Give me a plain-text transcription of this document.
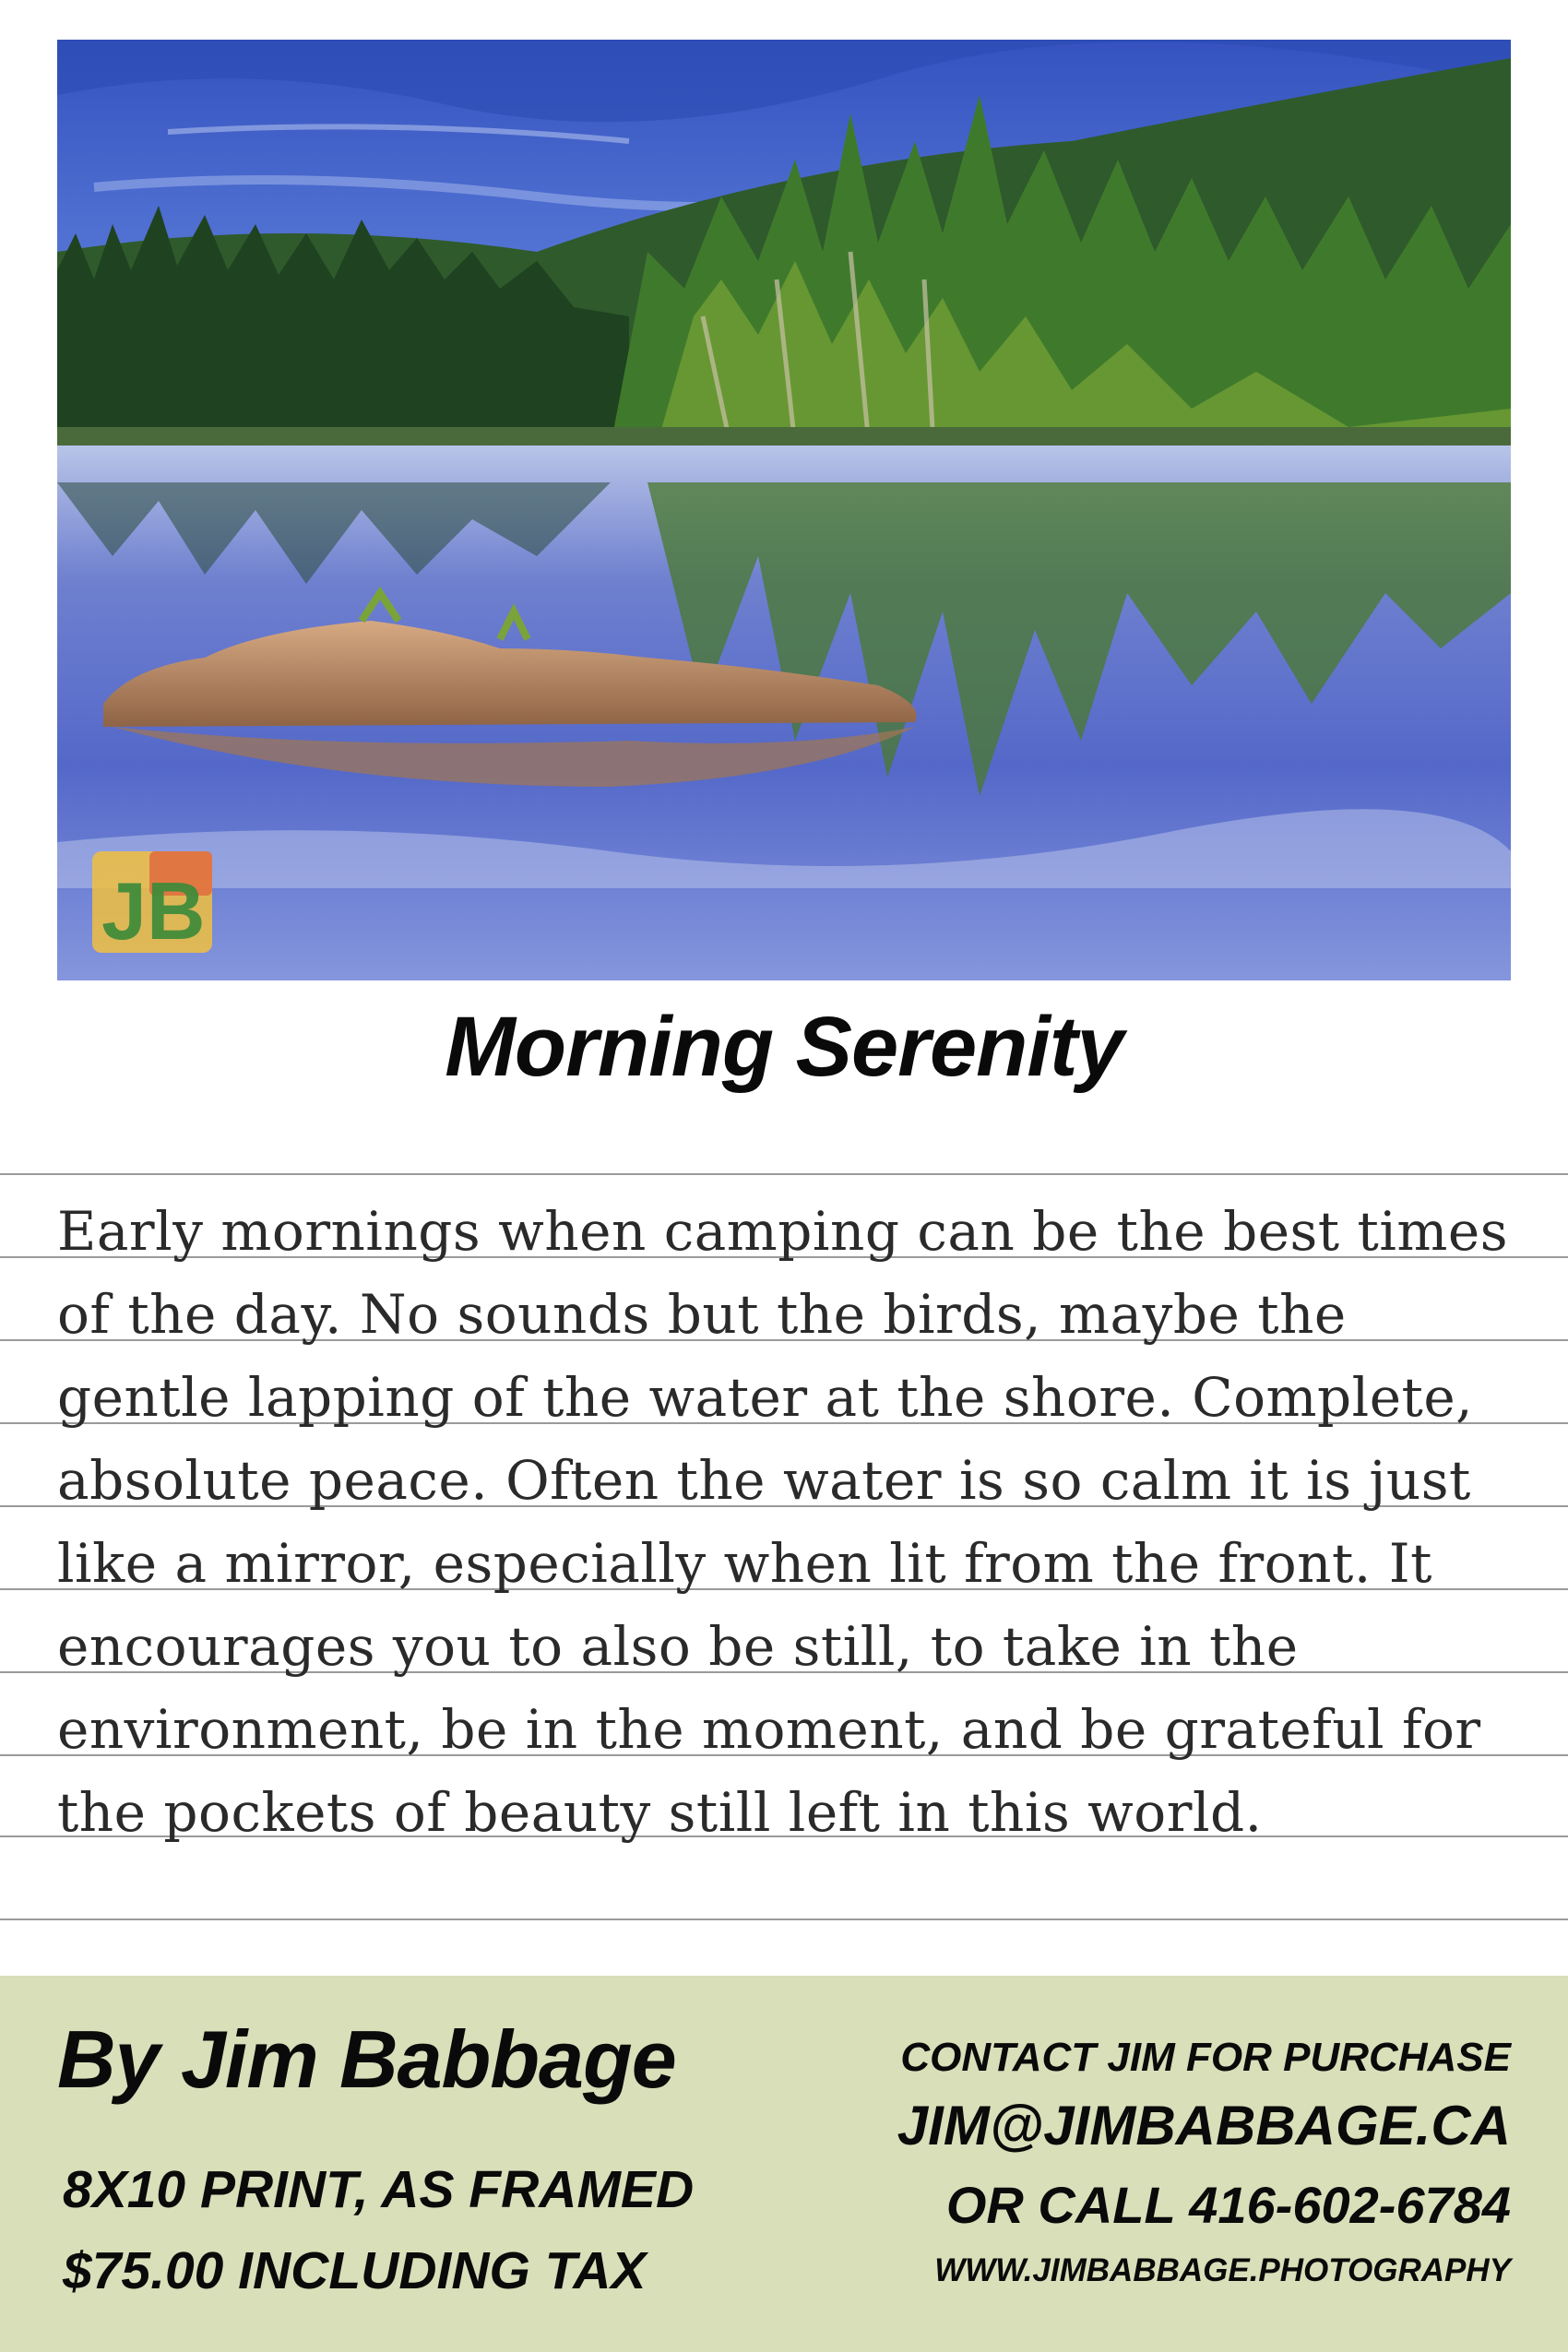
JB
Morning Serenity
Early mornings when camping can be the best times
of the day. No sounds but the birds, maybe the
gentle lapping of the water at the shore. Complete,
absolute peace. Often the water is so calm it is just
like a mirror, especially when lit from the front. It
encourages you to also be still, to take in the
environment, be in the moment, and be grateful for
the pockets of beauty still left in this world.
By Jim Babbage
8X10 PRINT, AS FRAMED
$75.00 INCLUDING TAX
CONTACT JIM FOR PURCHASE
JIM@JIMBABBAGE.CA
OR CALL 416-602-6784
WWW.JIMBABBAGE.PHOTOGRAPHY
